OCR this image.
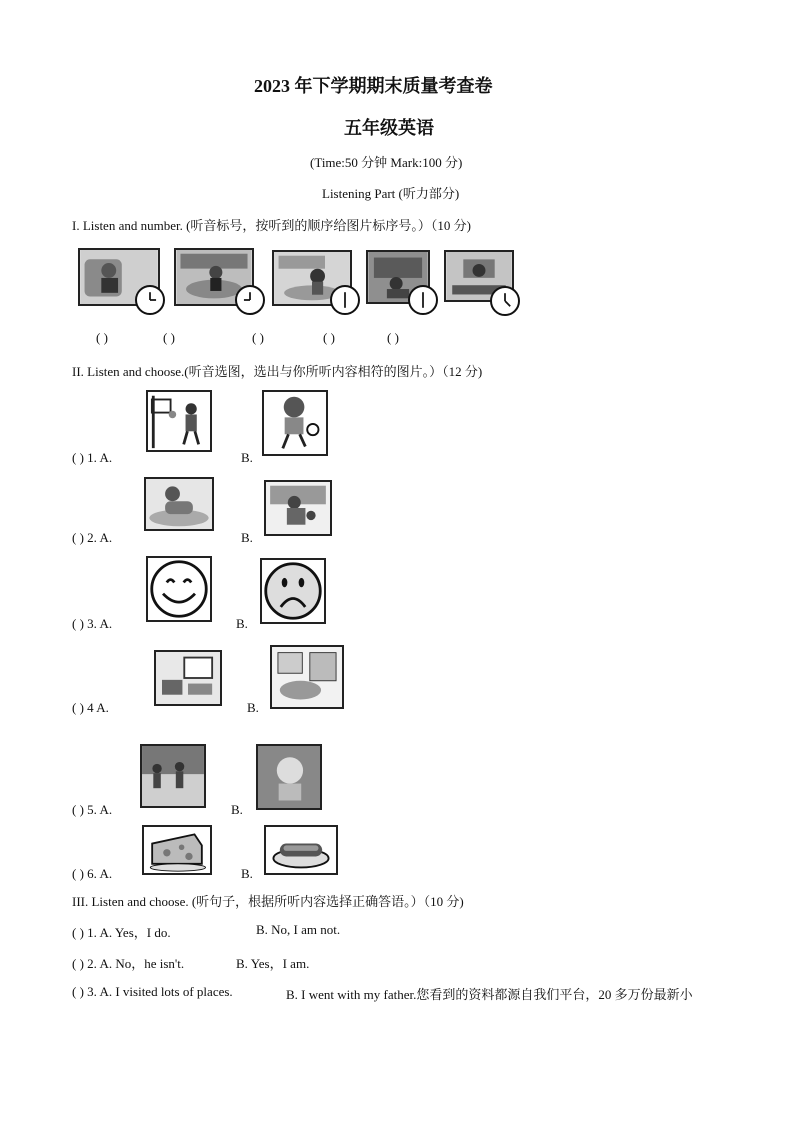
2023 年下学期期末质量考查卷
五年级英语
(Time:50 分钟 Mark:100 分)
Listening Part (听力部分)
I. Listen and number. (听音标号，按听到的顺序给图片标序号。）（10 分)
( )	( )	( )	( )	( )
II. Listen and choose.(听音选图，选出与你所听内容相符的图片。）（12 分)
( ) 1. A.	B.
( ) 2. A.	B.
( ) 3. A.	B.
( ) 4 A.	B.
( ) 5. A.	B.
( ) 6. A.	B.
III. Listen and choose. (听句子，根据所听内容选择正确答语。）（10 分)
( ) 1. A. Yes，I do.	B. No, I am not.
( ) 2. A. No，he isn't.	B. Yes，I am.
( ) 3. A. I visited lots of places.	B. I went with my father.您看到的资料都源自我们平台，20 多万份最新小
